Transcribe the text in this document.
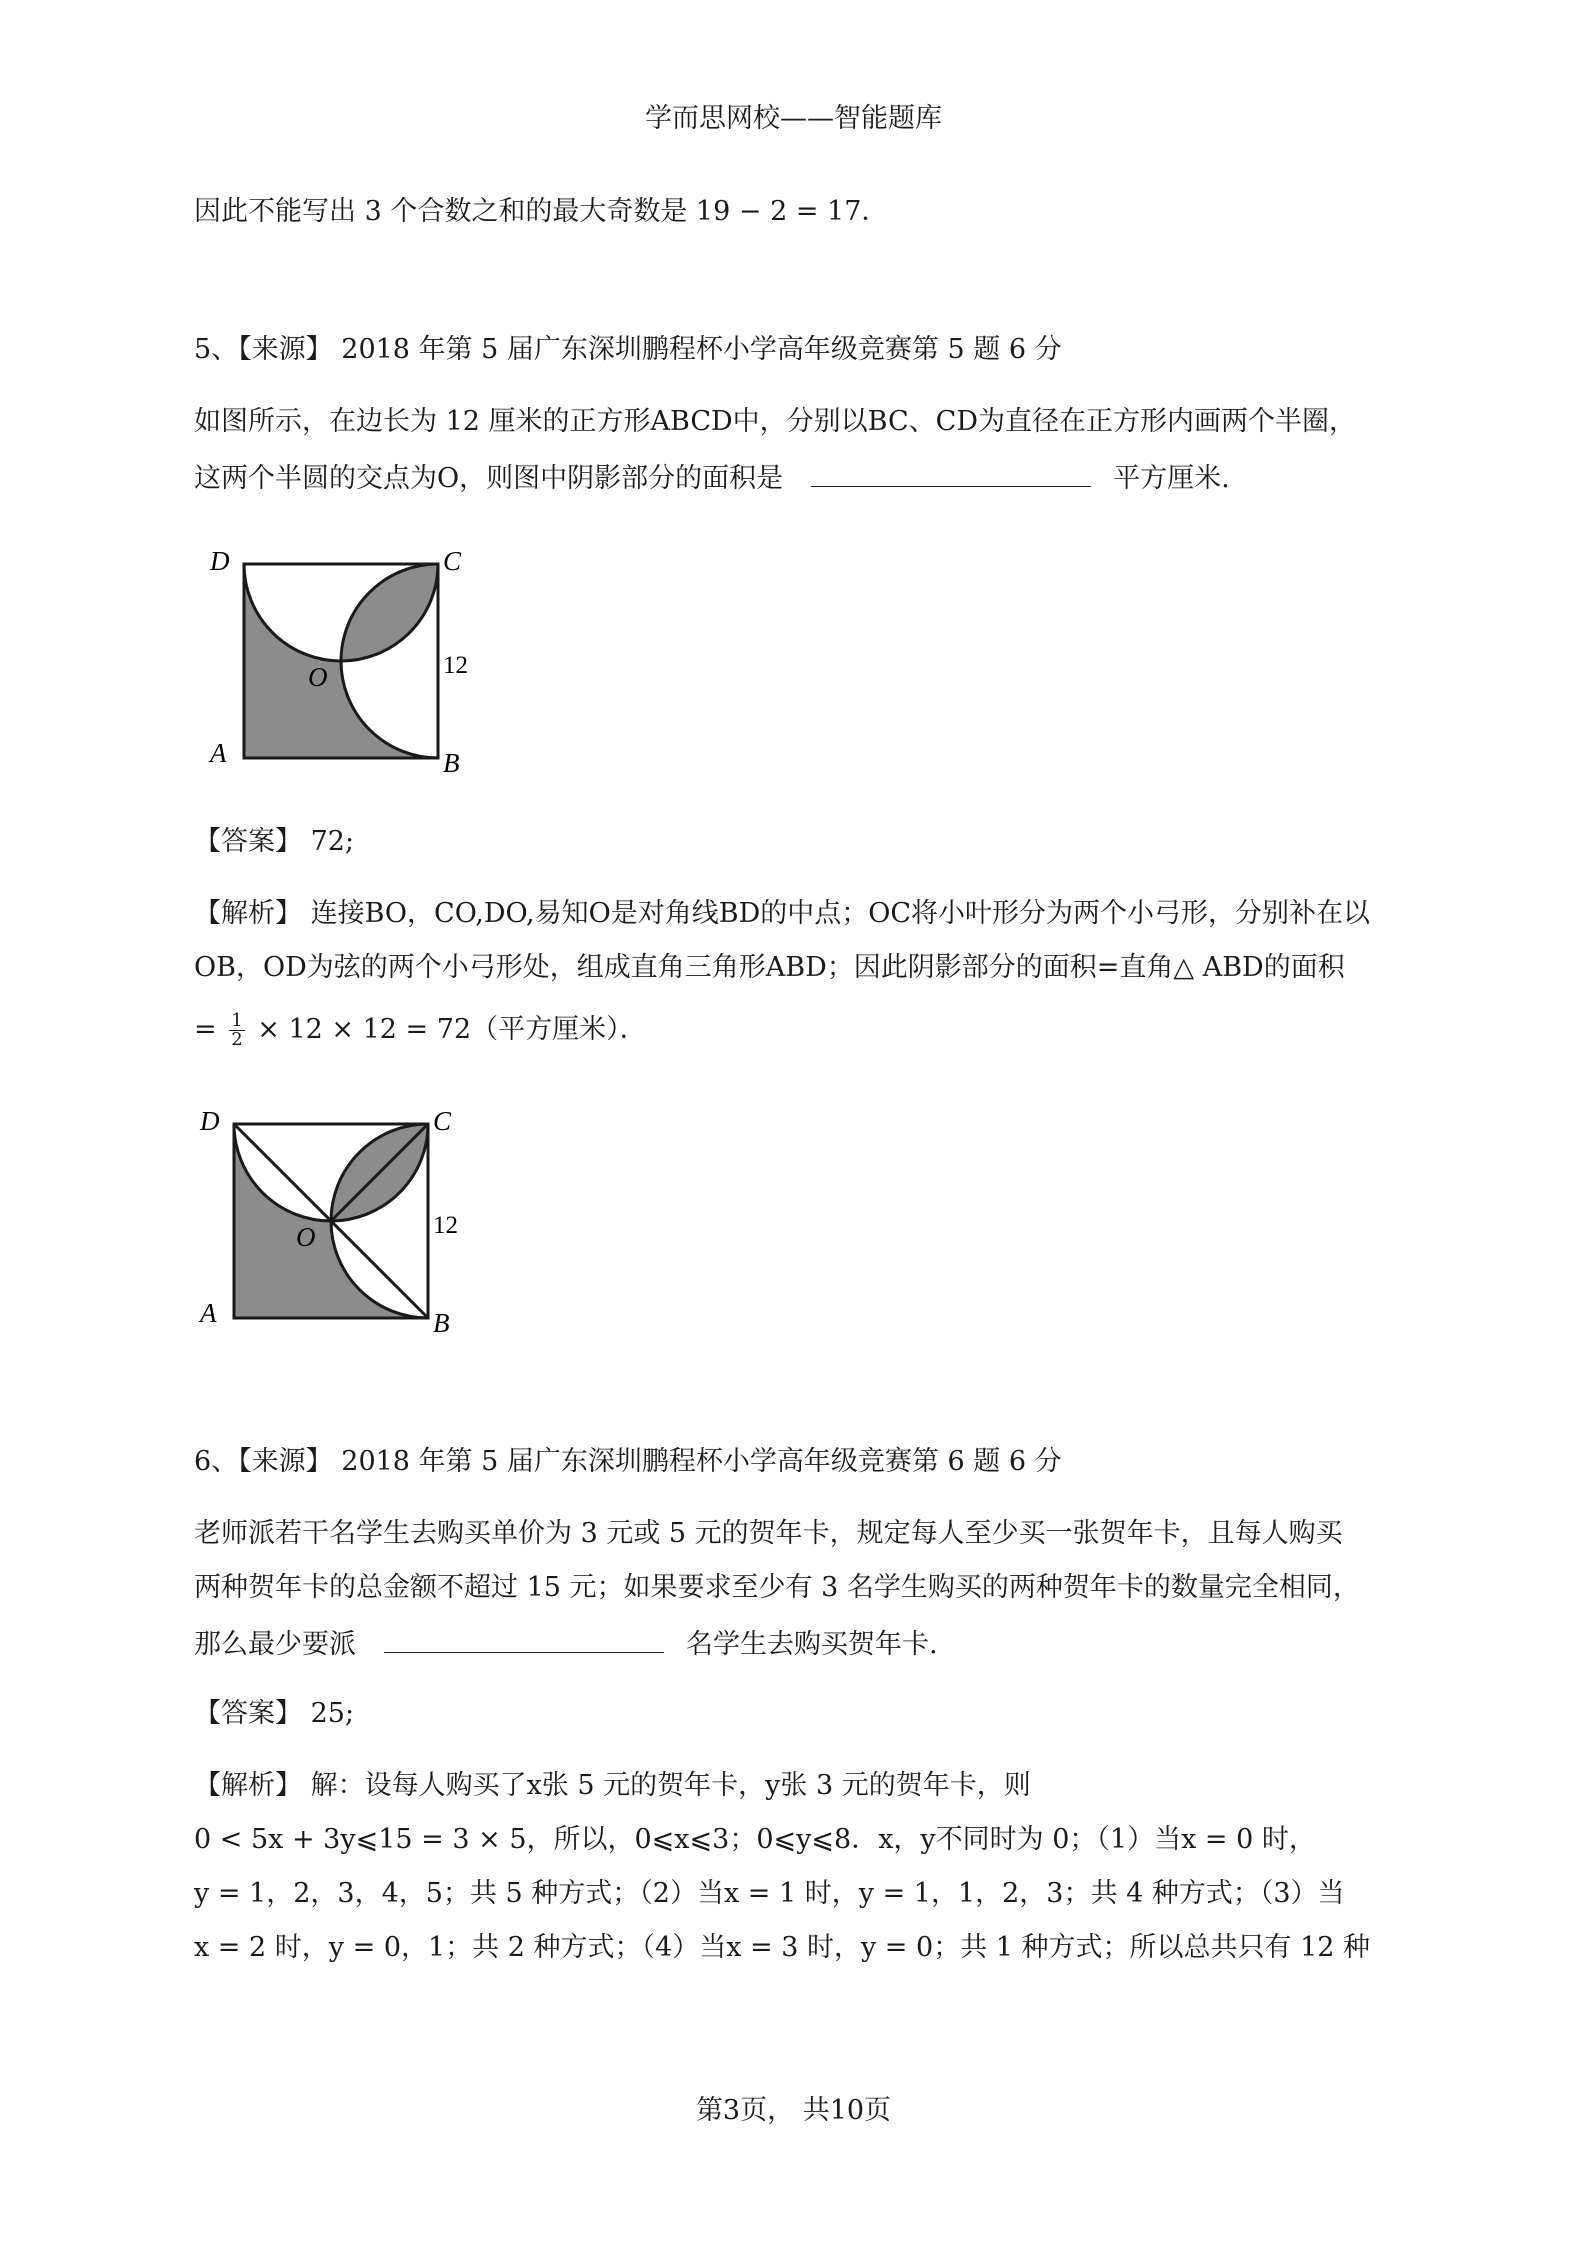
学而思网校——智能题库
因此不能写出 3 个合数之和的最大奇数是 19 − 2 = 17．
5、【来源】 2018 年第 5 届广东深圳鹏程杯小学高年级竞赛第 5 题 6 分
如图所示，在边长为 12 厘米的正方形ABCD中，分别以BC、CD为直径在正方形内画两个半圈，
这两个半圆的交点为O，则图中阴影部分的面积是	平方厘米.
D	C
A	B
O	12
【答案】 72;
【解析】 连接BO，CO,DO,易知O是对角线BD的中点；OC将小叶形分为两个小弓形，分别补在以
OB，OD为弦的两个小弓形处，组成直角三角形ABD；因此阴影部分的面积=直角△ ABD的面积
= $\frac{1}{2} \times 12 \times 12 = 72$（平方厘米）．
D	C
A	B
O	12
6、【来源】 2018 年第 5 届广东深圳鹏程杯小学高年级竞赛第 6 题 6 分
老师派若干名学生去购买单价为 3 元或 5 元的贺年卡，规定每人至少买一张贺年卡，且每人购买
两种贺年卡的总金额不超过 15 元；如果要求至少有 3 名学生购买的两种贺年卡的数量完全相同，
那么最少要派	名学生去购买贺年卡.
【答案】 25;
【解析】 解：设每人购买了x张 5 元的贺年卡，y张 3 元的贺年卡，则
0 < 5x + 3y⩽15 = 3 × 5，所以，0⩽x⩽3；0⩽y⩽8．x，y不同时为 0；（1）当x = 0 时，
y = 1，2，3，4，5；共 5 种方式；（2）当x = 1 时，y = 1，1，2，3；共 4 种方式；（3）当
x = 2 时，y = 0，1；共 2 种方式；（4）当x = 3 时，y = 0；共 1 种方式；所以总共只有 12 种
第3页， 共10页
